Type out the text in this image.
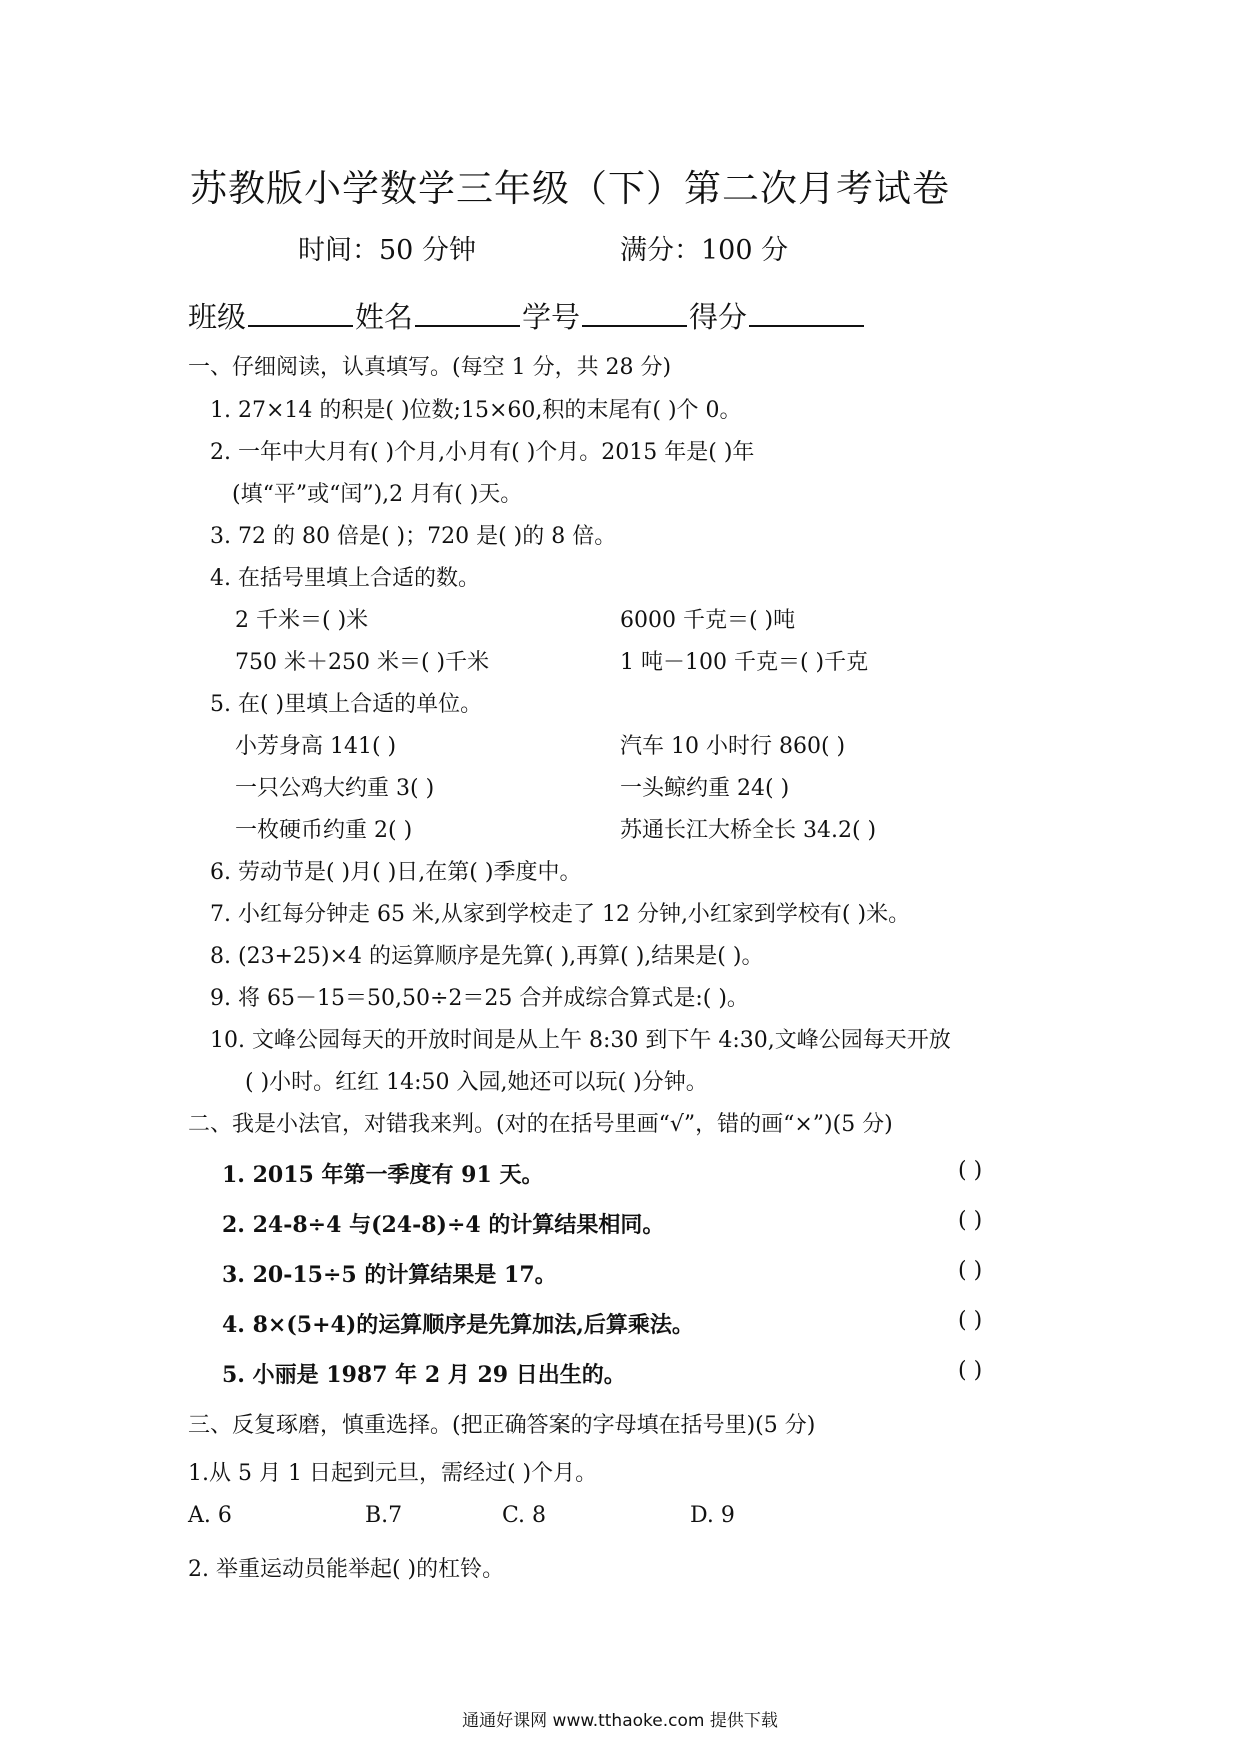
苏教版小学数学三年级（下）第二次月考试卷
时间：50 分钟	满分：100 分
班级	姓名	学号	得分
一、仔细阅读，认真填写。(每空 1 分，共 28 分)
1. 27×14 的积是( )位数;15×60,积的末尾有( )个 0。
2. 一年中大月有( )个月,小月有( )个月。2015 年是( )年
(填“平”或“闰”),2 月有( )天。
3. 72 的 80 倍是( )；720 是( )的 8 倍。
4. 在括号里填上合适的数。
2 千米＝( )米	6000 千克＝( )吨
750 米＋250 米＝( )千米	1 吨－100 千克＝( )千克
5. 在( )里填上合适的单位。
小芳身高 141( )	汽车 10 小时行 860( )
一只公鸡大约重 3( )	一头鲸约重 24( )
一枚硬币约重 2( )	苏通长江大桥全长 34.2( )
6. 劳动节是( )月( )日,在第( )季度中。
7. 小红每分钟走 65 米,从家到学校走了 12 分钟,小红家到学校有( )米。
8. (23+25)×4 的运算顺序是先算( ),再算( ),结果是( )。
9. 将 65－15＝50,50÷2＝25 合并成综合算式是:( )。
10. 文峰公园每天的开放时间是从上午 8:30 到下午 4:30,文峰公园每天开放
( )小时。红红 14:50 入园,她还可以玩( )分钟。
二、我是小法官，对错我来判。(对的在括号里画“√”，错的画“×”)(5 分)
1. 2015 年第一季度有 91 天。	( )
2. 24-8÷4 与(24-8)÷4 的计算结果相同。	( )
3. 20-15÷5 的计算结果是 17。	( )
4. 8×(5+4)的运算顺序是先算加法,后算乘法。	( )
5. 小丽是 1987 年 2 月 29 日出生的。	( )
三、反复琢磨，慎重选择。(把正确答案的字母填在括号里)(5 分)
1.从 5 月 1 日起到元旦，需经过( )个月。
A. 6	B.7	C. 8	D. 9
2. 举重运动员能举起( )的杠铃。
通通好课网 www.tthaoke.com 提供下载
